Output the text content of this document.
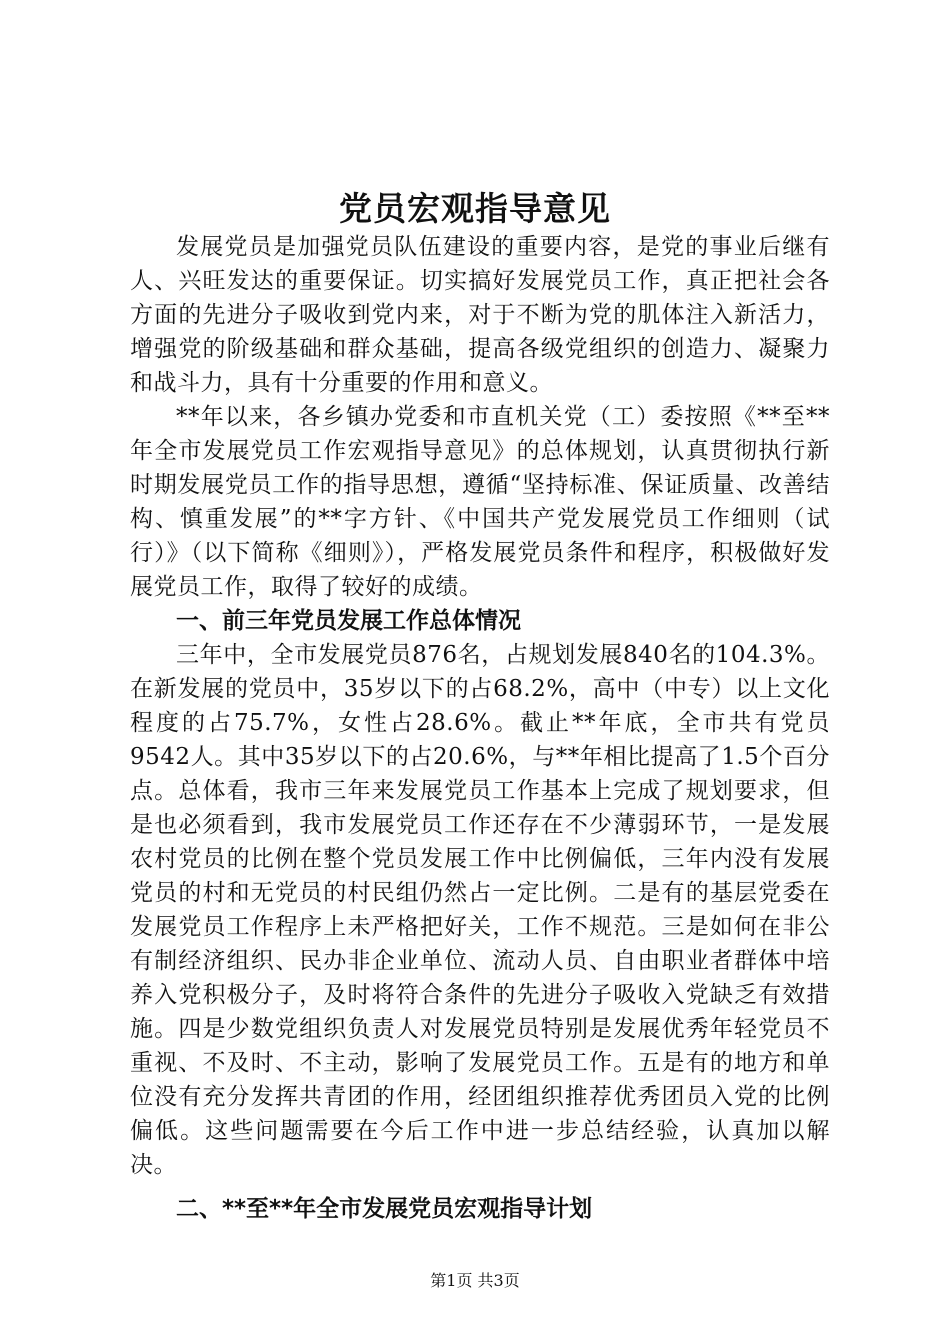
党员宏观指导意见

发展党员是加强党员队伍建设的重要内容，是党的事业后继有人、兴旺发达的重要保证。切实搞好发展党员工作，真正把社会各方面的先进分子吸收到党内来，对于不断为党的肌体注入新活力，增强党的阶级基础和群众基础，提高各级党组织的创造力、凝聚力和战斗力，具有十分重要的作用和意义。

**年以来，各乡镇办党委和市直机关党（工）委按照《**至**年全市发展党员工作宏观指导意见》的总体规划，认真贯彻执行新时期发展党员工作的指导思想，遵循“坚持标准、保证质量、改善结构、慎重发展”的**字方针、《中国共产党发展党员工作细则（试行）》（以下简称《细则》），严格发展党员条件和程序，积极做好发展党员工作，取得了较好的成绩。

一、前三年党员发展工作总体情况

三年中，全市发展党员876名，占规划发展840名的104.3%。在新发展的党员中，35岁以下的占68.2%，高中（中专）以上文化程度的占75.7%，女性占28.6%。截止**年底，全市共有党员9542人。其中35岁以下的占20.6%，与**年相比提高了1.5个百分点。总体看，我市三年来发展党员工作基本上完成了规划要求，但是也必须看到，我市发展党员工作还存在不少薄弱环节，一是发展农村党员的比例在整个党员发展工作中比例偏低，三年内没有发展党员的村和无党员的村民组仍然占一定比例。二是有的基层党委在发展党员工作程序上未严格把好关，工作不规范。三是如何在非公有制经济组织、民办非企业单位、流动人员、自由职业者群体中培养入党积极分子，及时将符合条件的先进分子吸收入党缺乏有效措施。四是少数党组织负责人对发展党员特别是发展优秀年轻党员不重视、不及时、不主动，影响了发展党员工作。五是有的地方和单位没有充分发挥共青团的作用，经团组织推荐优秀团员入党的比例偏低。这些问题需要在今后工作中进一步总结经验，认真加以解决。

二、**至**年全市发展党员宏观指导计划

第1页 共3页
